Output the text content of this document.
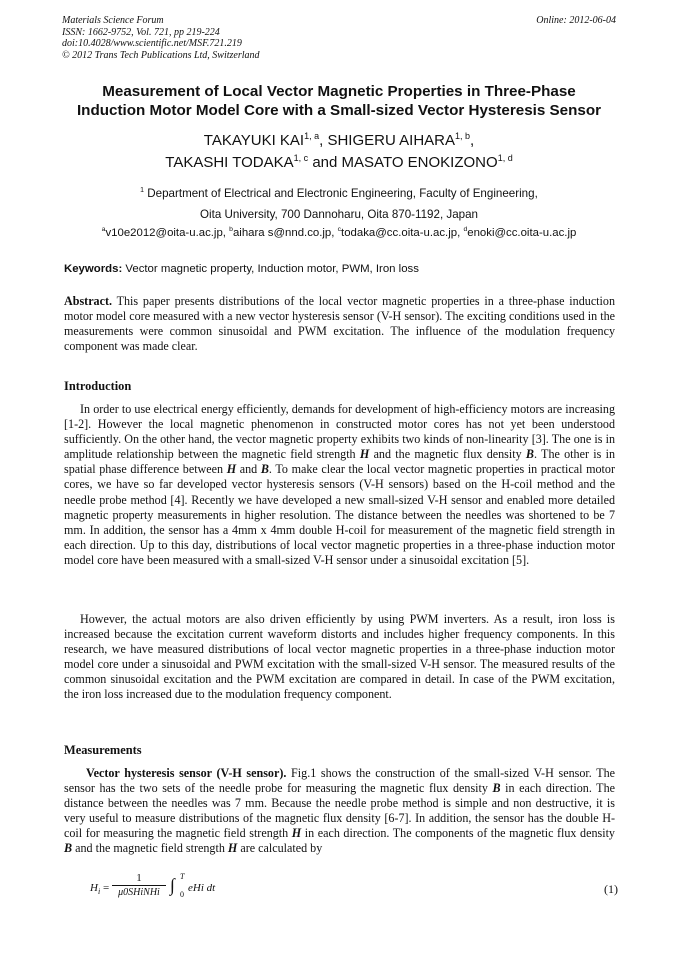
Materials Science Forum
ISSN: 1662-9752, Vol. 721, pp 219-224
doi:10.4028/www.scientific.net/MSF.721.219
© 2012 Trans Tech Publications Ltd, Switzerland
Online: 2012-06-04
Measurement of Local Vector Magnetic Properties in Three-Phase
Induction Motor Model Core with a Small-sized Vector Hysteresis Sensor
TAKAYUKI KAI$^{1, a}$, SHIGERU AIHARA$^{1, b}$,
TAKASHI TODAKA$^{1, c}$ and MASATO ENOKIZONO$^{1, d}$
$^1$ Department of Electrical and Electronic Engineering, Faculty of Engineering,
Oita University, 700 Dannoharu, Oita 870-1192, Japan
$^a$v10e2012@oita-u.ac.jp, $^b$aihara s@nnd.co.jp, $^c$todaka@cc.oita-u.ac.jp, $^d$enoki@cc.oita-u.ac.jp
Keywords: Vector magnetic property, Induction motor, PWM, Iron loss
Abstract. This paper presents distributions of the local vector magnetic properties in a three-phase induction motor model core measured with a new vector hysteresis sensor (V-H sensor). The exciting conditions used in the measurements were common sinusoidal and PWM excitation. The influence of the modulation frequency component was made clear.
Introduction
In order to use electrical energy efficiently, demands for development of high-efficiency motors are increasing [1-2]. However the local magnetic phenomenon in constructed motor cores has not yet been understood sufficiently. On the other hand, the vector magnetic property exhibits two kinds of non-linearity [3]. The one is in amplitude relationship between the magnetic field strength H and the magnetic flux density B. The other is in spatial phase difference between H and B. To make clear the local vector magnetic properties in practical motor cores, we have so far developed vector hysteresis sensors (V-H sensors) based on the H-coil method and the needle probe method [4]. Recently we have developed a new small-sized V-H sensor and enabled more detailed magnetic property measurements in higher resolution. The distance between the needles was shortened to be 7 mm. In addition, the sensor has a 4mm x 4mm double H-coil for measurement of the magnetic field strength in each direction. Up to this day, distributions of local vector magnetic properties in a three-phase induction motor model core have been measured with a small-sized V-H sensor under a sinusoidal excitation [5].
However, the actual motors are also driven efficiently by using PWM inverters. As a result, iron loss is increased because the excitation current waveform distorts and includes higher frequency components. In this research, we have measured distributions of local vector magnetic properties in a three-phase induction motor model core under a sinusoidal and PWM excitation with the small-sized V-H sensor. The measured results of the common sinusoidal excitation and the PWM excitation are compared in detail. In case of the PWM excitation, the iron loss increased due to the modulation frequency component.
Measurements
Vector hysteresis sensor (V-H sensor). Fig.1 shows the construction of the small-sized V-H sensor. The sensor has the two sets of the needle probe for measuring the magnetic flux density B in each direction. The distance between the needles was 7 mm. Because the needle probe method is simple and non destructive, it is very useful to measure distributions of the magnetic flux density [6-7]. In addition, the sensor has the double H-coil for measuring the magnetic field strength H in each direction. The components of the magnetic flux density B and the magnetic field strength H are calculated by
$H_i$ =
1
μ0SHiNHi ∫ T
0
eHi dt	(1)
